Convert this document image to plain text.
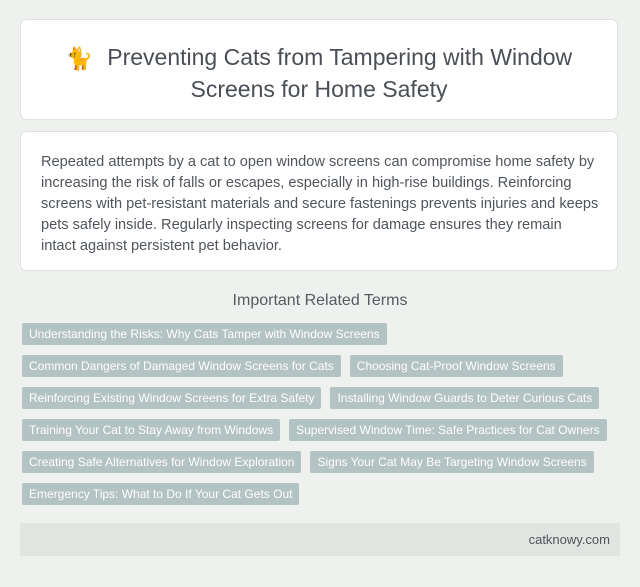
🐈 Preventing Cats from Tampering with Window Screens for Home Safety

Repeated attempts by a cat to open window screens can compromise home safety by increasing the risk of falls or escapes, especially in high-rise buildings. Reinforcing screens with pet-resistant materials and secure fastenings prevents injuries and keeps pets safely inside. Regularly inspecting screens for damage ensures they remain intact against persistent pet behavior.

Important Related Terms
Understanding the Risks: Why Cats Tamper with Window Screens
Common Dangers of Damaged Window Screens for Cats	Choosing Cat-Proof Window Screens
Reinforcing Existing Window Screens for Extra Safety	Installing Window Guards to Deter Curious Cats
Training Your Cat to Stay Away from Windows	Supervised Window Time: Safe Practices for Cat Owners
Creating Safe Alternatives for Window Exploration	Signs Your Cat May Be Targeting Window Screens
Emergency Tips: What to Do If Your Cat Gets Out
catknowy.com
